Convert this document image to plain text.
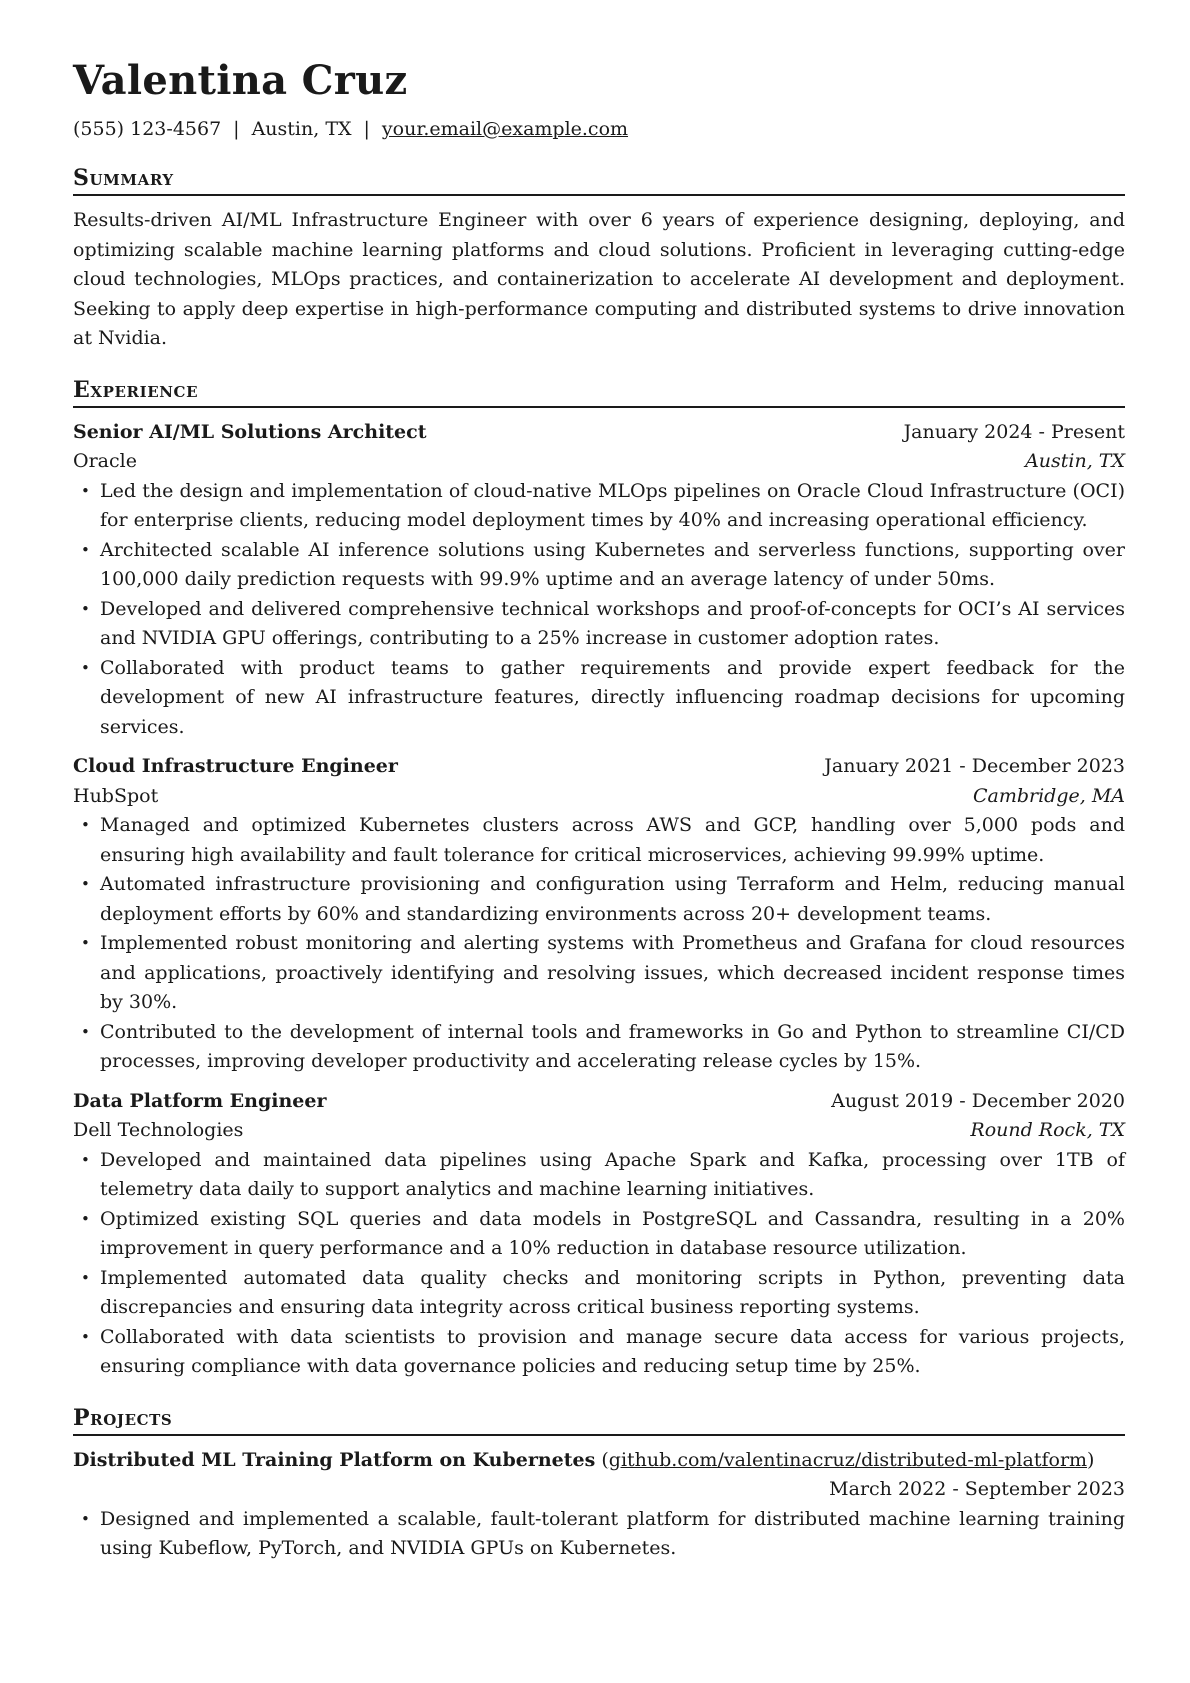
Valentina Cruz
(555) 123-4567 | Austin, TX | your.email@example.com
Summary

Results-driven AI/ML Infrastructure Engineer with over 6 years of experience designing, deploying, and optimizing scalable machine learning platforms and cloud solutions. Proficient in leveraging cutting-edge cloud technologies, MLOps practices, and containerization to accelerate AI development and deployment. Seeking to apply deep expertise in high-performance computing and distributed systems to drive innovation at Nvidia.

Experience
Senior AI/ML Solutions Architect	January 2024 - Present
Oracle	Austin, TX
• Led the design and implementation of cloud-native MLOps pipelines on Oracle Cloud Infrastructure (OCI) for enterprise clients, reducing model deployment times by 40% and increasing operational efficiency.
• Architected scalable AI inference solutions using Kubernetes and serverless functions, supporting over 100,000 daily prediction requests with 99.9% uptime and an average latency of under 50ms.
• Developed and delivered comprehensive technical workshops and proof-of-concepts for OCI’s AI services and NVIDIA GPU offerings, contributing to a 25% increase in customer adoption rates.
• Collaborated with product teams to gather requirements and provide expert feedback for the development of new AI infrastructure features, directly influencing roadmap decisions for upcoming services.
Cloud Infrastructure Engineer	January 2021 - December 2023
HubSpot	Cambridge, MA
• Managed and optimized Kubernetes clusters across AWS and GCP, handling over 5,000 pods and ensuring high availability and fault tolerance for critical microservices, achieving 99.99% uptime.
• Automated infrastructure provisioning and configuration using Terraform and Helm, reducing manual deployment efforts by 60% and standardizing environments across 20+ development teams.
• Implemented robust monitoring and alerting systems with Prometheus and Grafana for cloud resources and applications, proactively identifying and resolving issues, which decreased incident response times by 30%.
• Contributed to the development of internal tools and frameworks in Go and Python to streamline CI/CD processes, improving developer productivity and accelerating release cycles by 15%.
Data Platform Engineer	August 2019 - December 2020
Dell Technologies	Round Rock, TX
• Developed and maintained data pipelines using Apache Spark and Kafka, processing over 1TB of telemetry data daily to support analytics and machine learning initiatives.
• Optimized existing SQL queries and data models in PostgreSQL and Cassandra, resulting in a 20% improvement in query performance and a 10% reduction in database resource utilization.
• Implemented automated data quality checks and monitoring scripts in Python, preventing data discrepancies and ensuring data integrity across critical business reporting systems.
• Collaborated with data scientists to provision and manage secure data access for various projects, ensuring compliance with data governance policies and reducing setup time by 25%.
Projects
Distributed ML Training Platform on Kubernetes (github.com/valentinacruz/distributed-ml-platform)
March 2022 - September 2023
• Designed and implemented a scalable, fault-tolerant platform for distributed machine learning training using Kubeflow, PyTorch, and NVIDIA GPUs on Kubernetes.
